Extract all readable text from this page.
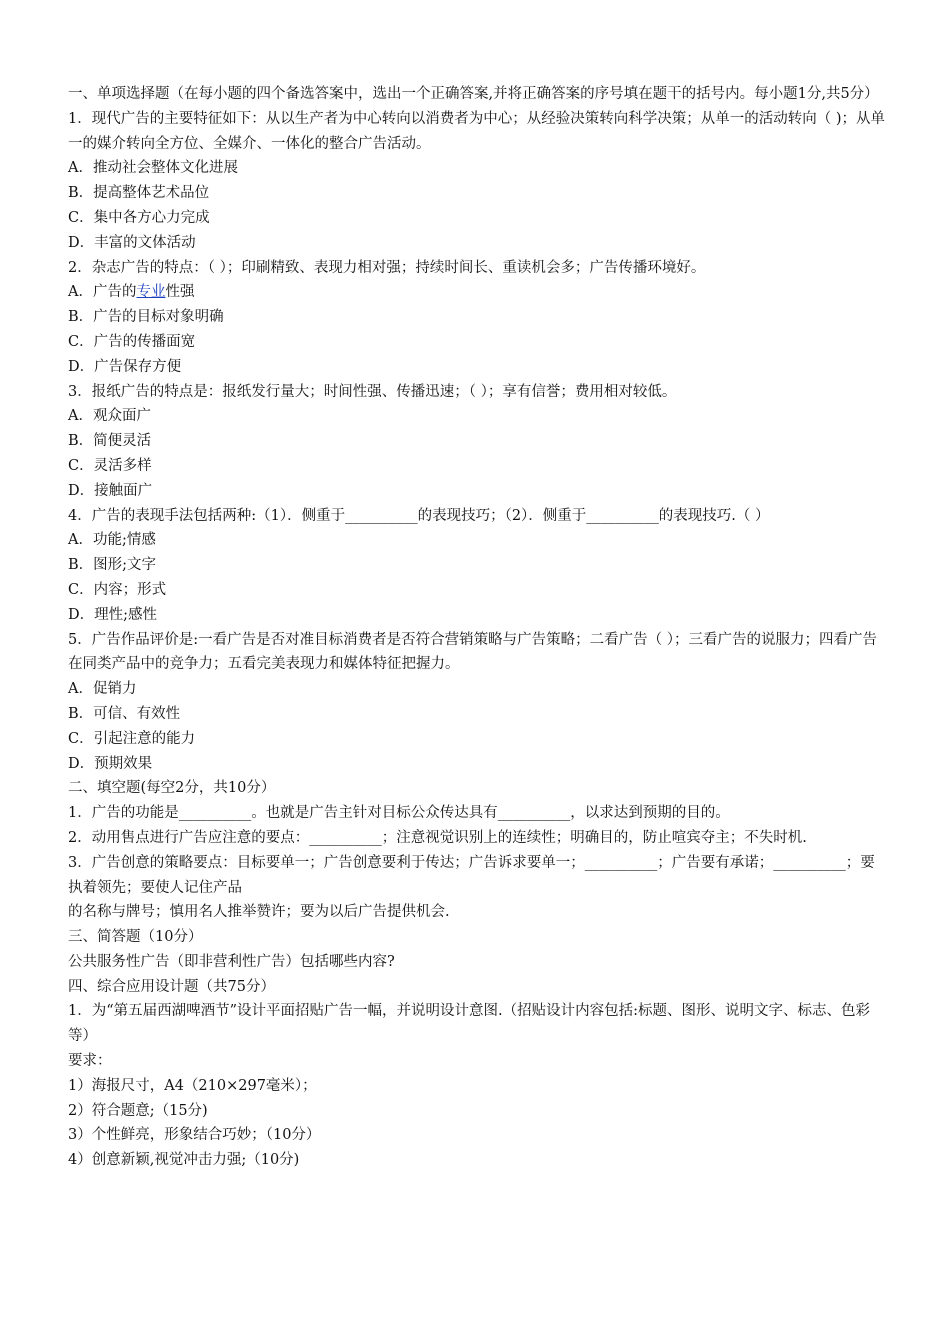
一、单项选择题（在每小题的四个备选答案中，选出一个正确答案,并将正确答案的序号填在题干的括号内。每小题1分,共5分）
1．现代广告的主要特征如下：从以生产者为中心转向以消费者为中心；从经验决策转向科学决策；从单一的活动转向（ )；从单一的媒介转向全方位、全媒介、一体化的整合广告活动。
A．推动社会整体文化进展
B．提高整体艺术品位
C．集中各方心力完成
D．丰富的文体活动
2．杂志广告的特点：（ ）；印刷精致、表现力相对强；持续时间长、重读机会多；广告传播环境好。
A．广告的专业性强
B．广告的目标对象明确
C．广告的传播面宽
D．广告保存方便
3．报纸广告的特点是：报纸发行量大；时间性强、传播迅速；（ ）；享有信誉；费用相对较低。
A．观众面广
B．简便灵活
C．灵活多样
D．接触面广
4．广告的表现手法包括两种:（1）．侧重于__________的表现技巧；（2）．侧重于__________的表现技巧.（ ）
A．功能;情感
B．图形;文字
C．内容；形式
D．理性;感性
5．广告作品评价是:一看广告是否对准目标消费者是否符合营销策略与广告策略；二看广告（ ）；三看广告的说服力；四看广告在同类产品中的竞争力；五看完美表现力和媒体特征把握力。
A．促销力
B．可信、有效性
C．引起注意的能力
D．预期效果
二、填空题(每空2分，共10分）
1．广告的功能是__________。也就是广告主针对目标公众传达具有__________，以求达到预期的目的。
2．动用售点进行广告应注意的要点：__________；注意视觉识别上的连续性；明确目的，防止喧宾夺主；不失时机.
3．广告创意的策略要点：目标要单一；广告创意要利于传达；广告诉求要单一；__________；广告要有承诺；__________；要执着领先；要使人记住产品
的名称与牌号；慎用名人推举赞许；要为以后广告提供机会.
三、简答题（10分）
公共服务性广告（即非营利性广告）包括哪些内容?
四、综合应用设计题（共75分）
1．为“第五届西湖啤酒节”设计平面招贴广告一幅，并说明设计意图.（招贴设计内容包括:标题、图形、说明文字、标志、色彩等）
要求：
1）海报尺寸，A4（210×297毫米）；
2）符合题意;（15分)
3）个性鲜亮，形象结合巧妙；（10分）
4）创意新颖,视觉冲击力强;（10分)
